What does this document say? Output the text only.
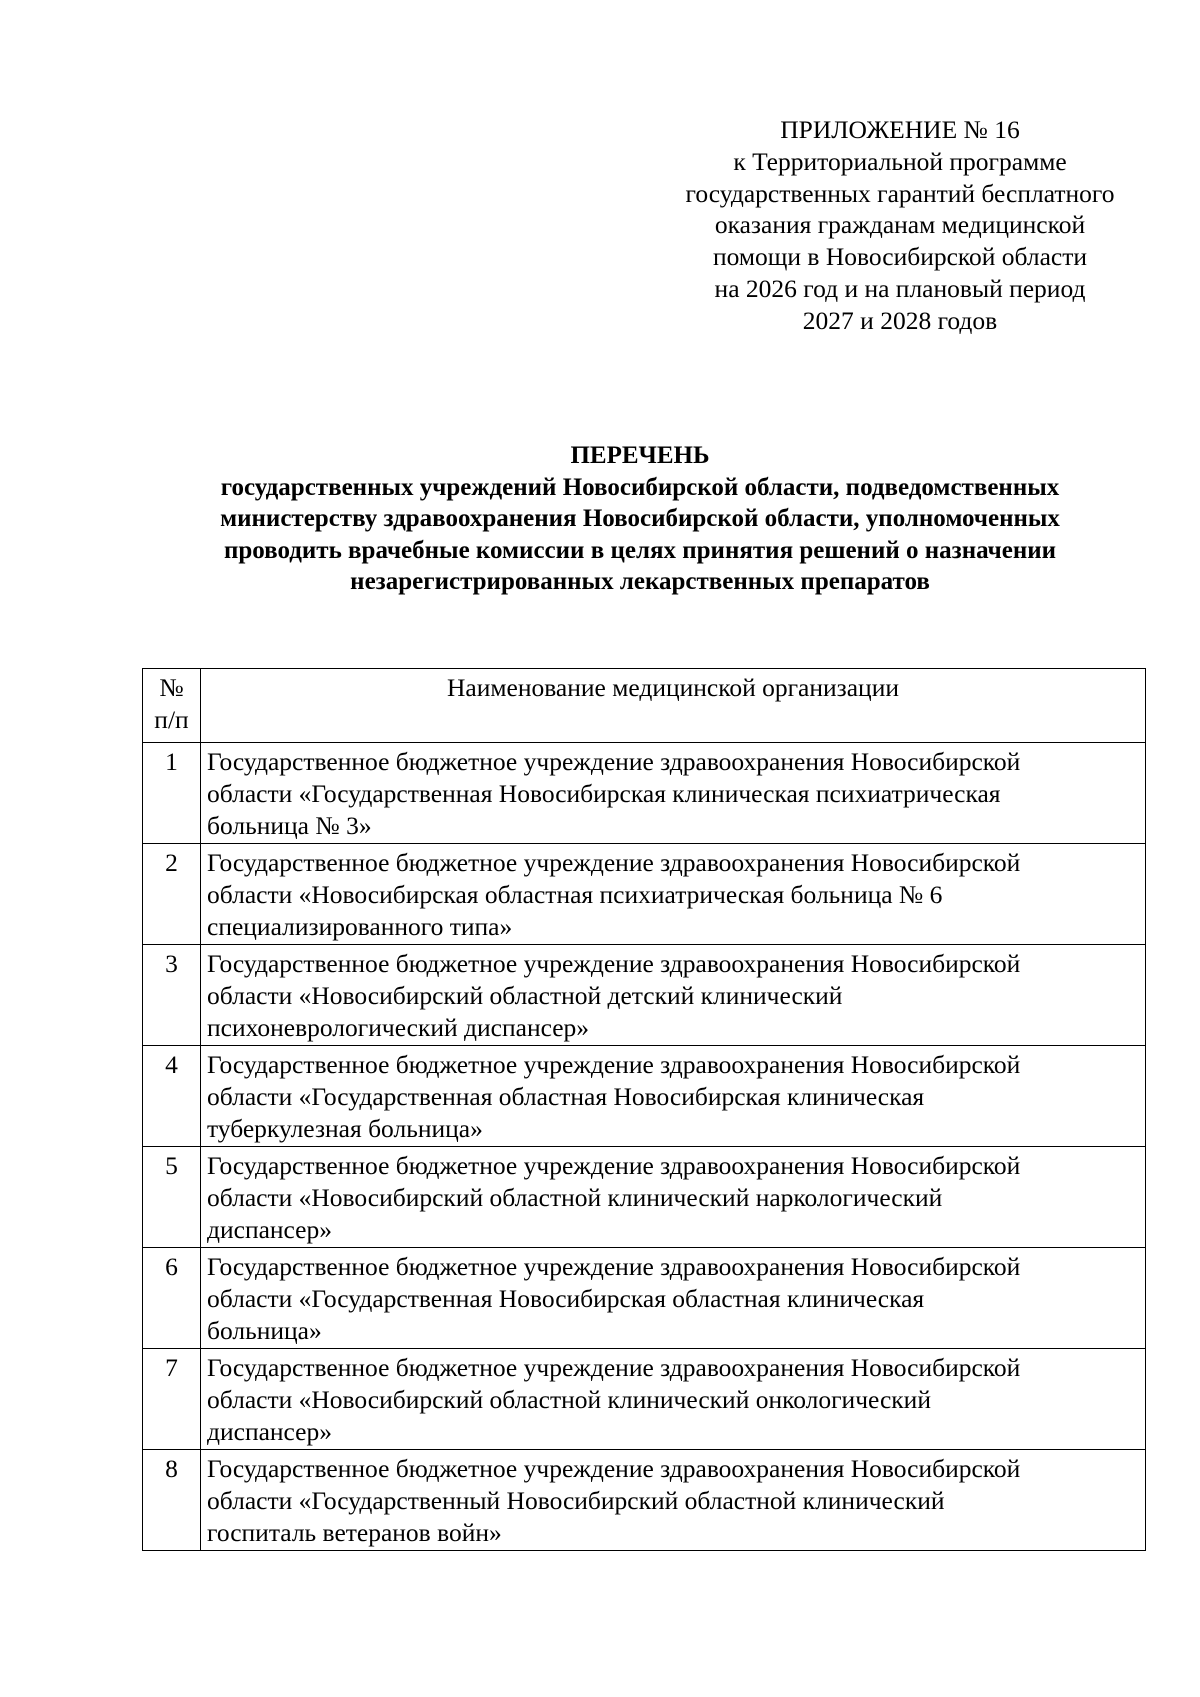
ПРИЛОЖЕНИЕ № 16
к Территориальной программе
государственных гарантий бесплатного
оказания гражданам медицинской
помощи в Новосибирской области
на 2026 год и на плановый период
2027 и 2028 годов
ПЕРЕЧЕНЬ
государственных учреждений Новосибирской области, подведомственных
министерству здравоохранения Новосибирской области, уполномоченных
проводить врачебные комиссии в целях принятия решений о назначении
незарегистрированных лекарственных препаратов
№
п/п	Наименование медицинской организации
1	Государственное бюджетное учреждение здравоохранения Новосибирской
области «Государственная Новосибирская клиническая психиатрическая
больница № 3»

2	Государственное бюджетное учреждение здравоохранения Новосибирской
области «Новосибирская областная психиатрическая больница № 6
специализированного типа»

3	Государственное бюджетное учреждение здравоохранения Новосибирской
области «Новосибирский областной детский клинический
психоневрологический диспансер»

4	Государственное бюджетное учреждение здравоохранения Новосибирской
области «Государственная областная Новосибирская клиническая
туберкулезная больница»

5	Государственное бюджетное учреждение здравоохранения Новосибирской
области «Новосибирский областной клинический наркологический
диспансер»

6	Государственное бюджетное учреждение здравоохранения Новосибирской
области «Государственная Новосибирская областная клиническая
больница»

7	Государственное бюджетное учреждение здравоохранения Новосибирской
области «Новосибирский областной клинический онкологический
диспансер»

8	Государственное бюджетное учреждение здравоохранения Новосибирской
области «Государственный Новосибирский областной клинический
госпиталь ветеранов войн»
